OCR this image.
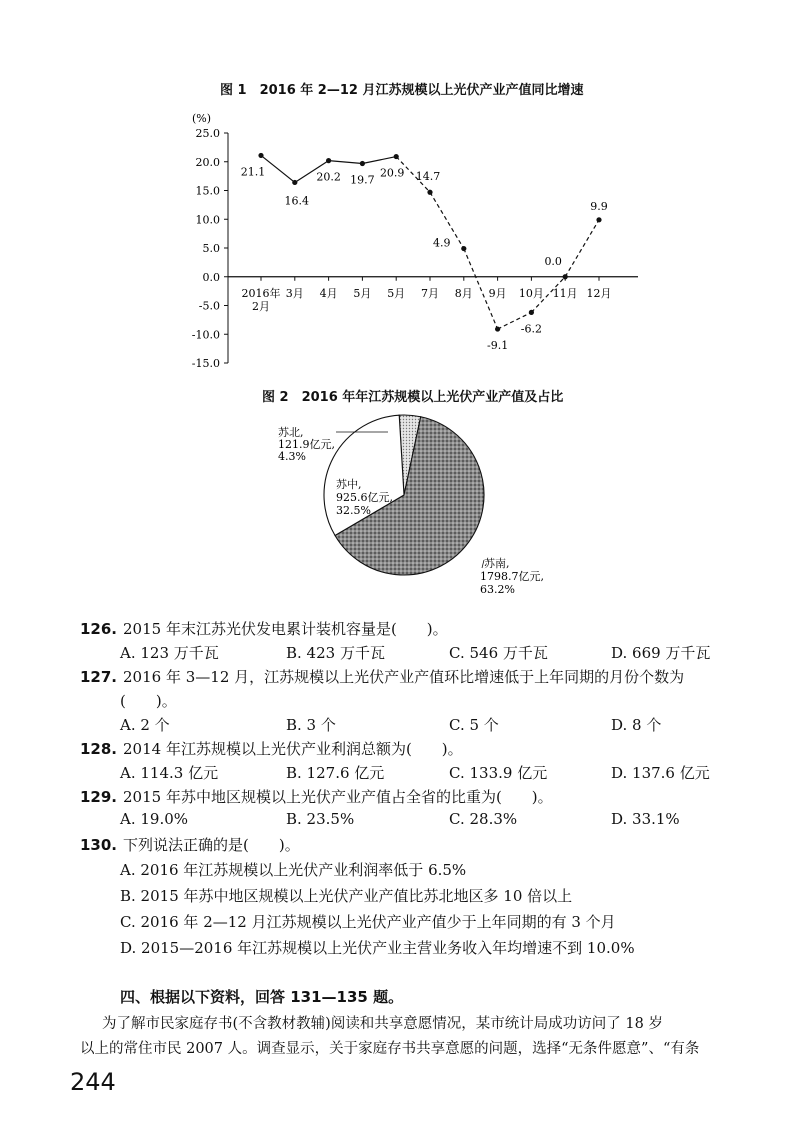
图 1　2016 年 2—12 月江苏规模以上光伏产业产值同比增速
(%)
25.0
20.0
15.0
10.0
5.0
0.0
-5.0
-10.0
-15.0
21.1
16.4
20.2 19.7
20.9 14.7
4.9
-9.1
-6.2
0.0
9.9
2016年 2月
3月 4月 5月 5月 7月 8月 9月 10月 11月 12月
图 2　2016 年年江苏规模以上光伏产业产值及占比
苏北,
121.9亿元,
4.3%
苏中,
925.6亿元,
32.5%
苏南,
1798.7亿元,
63.2%
126. 2015 年末江苏光伏发电累计装机容量是(　　)。
A. 123 万千瓦	B. 423 万千瓦	C. 546 万千瓦	D. 669 万千瓦
127. 2016 年 3—12 月，江苏规模以上光伏产业产值环比增速低于上年同期的月份个数为
(　　)。
A. 2 个	B. 3 个	C. 5 个	D. 8 个
128. 2014 年江苏规模以上光伏产业利润总额为(　　)。
A. 114.3 亿元	B. 127.6 亿元	C. 133.9 亿元	D. 137.6 亿元
129. 2015 年苏中地区规模以上光伏产业产值占全省的比重为(　　)。
A. 19.0%	B. 23.5%	C. 28.3%	D. 33.1%
130. 下列说法正确的是(　　)。
A. 2016 年江苏规模以上光伏产业利润率低于 6.5%
B. 2015 年苏中地区规模以上光伏产业产值比苏北地区多 10 倍以上
C. 2016 年 2—12 月江苏规模以上光伏产业产值少于上年同期的有 3 个月
D. 2015—2016 年江苏规模以上光伏产业主营业务收入年均增速不到 10.0%
四、根据以下资料，回答 131—135 题。
为了解市民家庭存书(不含教材教辅)阅读和共享意愿情况，某市统计局成功访问了 18 岁
以上的常住市民 2007 人。调查显示，关于家庭存书共享意愿的问题，选择“无条件愿意”、“有条
244
